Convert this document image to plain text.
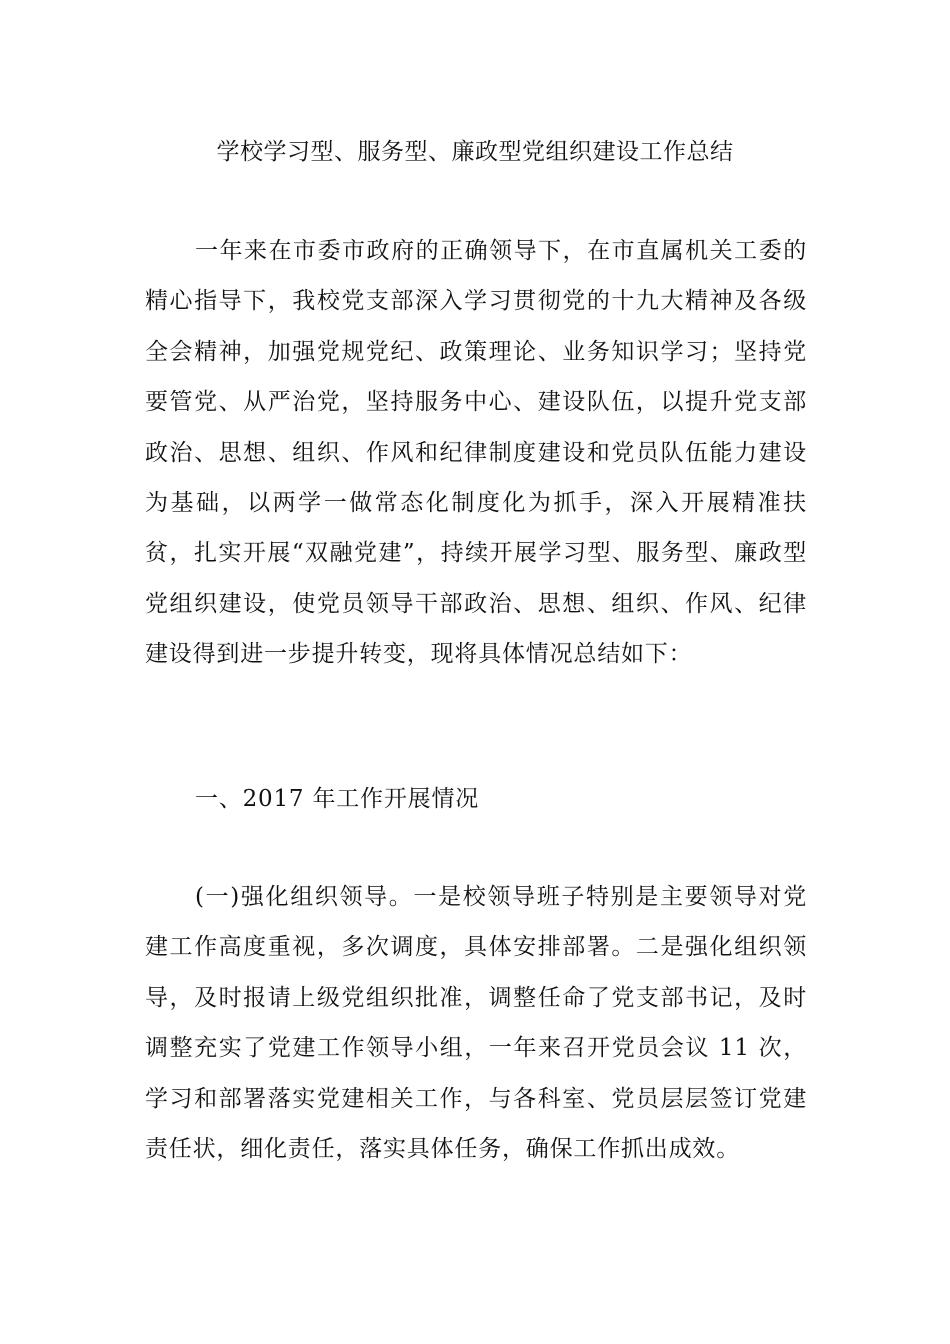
学校学习型、服务型、廉政型党组织建设工作总结

一年来在市委市政府的正确领导下，在市直属机关工委的精心指导下，我校党支部深入学习贯彻党的十九大精神及各级全会精神，加强党规党纪、政策理论、业务知识学习；坚持党要管党、从严治党，坚持服务中心、建设队伍，以提升党支部政治、思想、组织、作风和纪律制度建设和党员队伍能力建设为基础，以两学一做常态化制度化为抓手，深入开展精准扶贫，扎实开展“双融党建”，持续开展学习型、服务型、廉政型党组织建设，使党员领导干部政治、思想、组织、作风、纪律建设得到进一步提升转变，现将具体情况总结如下：

一、2017 年工作开展情况

(一)强化组织领导。一是校领导班子特别是主要领导对党建工作高度重视，多次调度，具体安排部署。二是强化组织领导，及时报请上级党组织批准，调整任命了党支部书记，及时调整充实了党建工作领导小组，一年来召开党员会议 11 次，学习和部署落实党建相关工作，与各科室、党员层层签订党建责任状，细化责任，落实具体任务，确保工作抓出成效。
